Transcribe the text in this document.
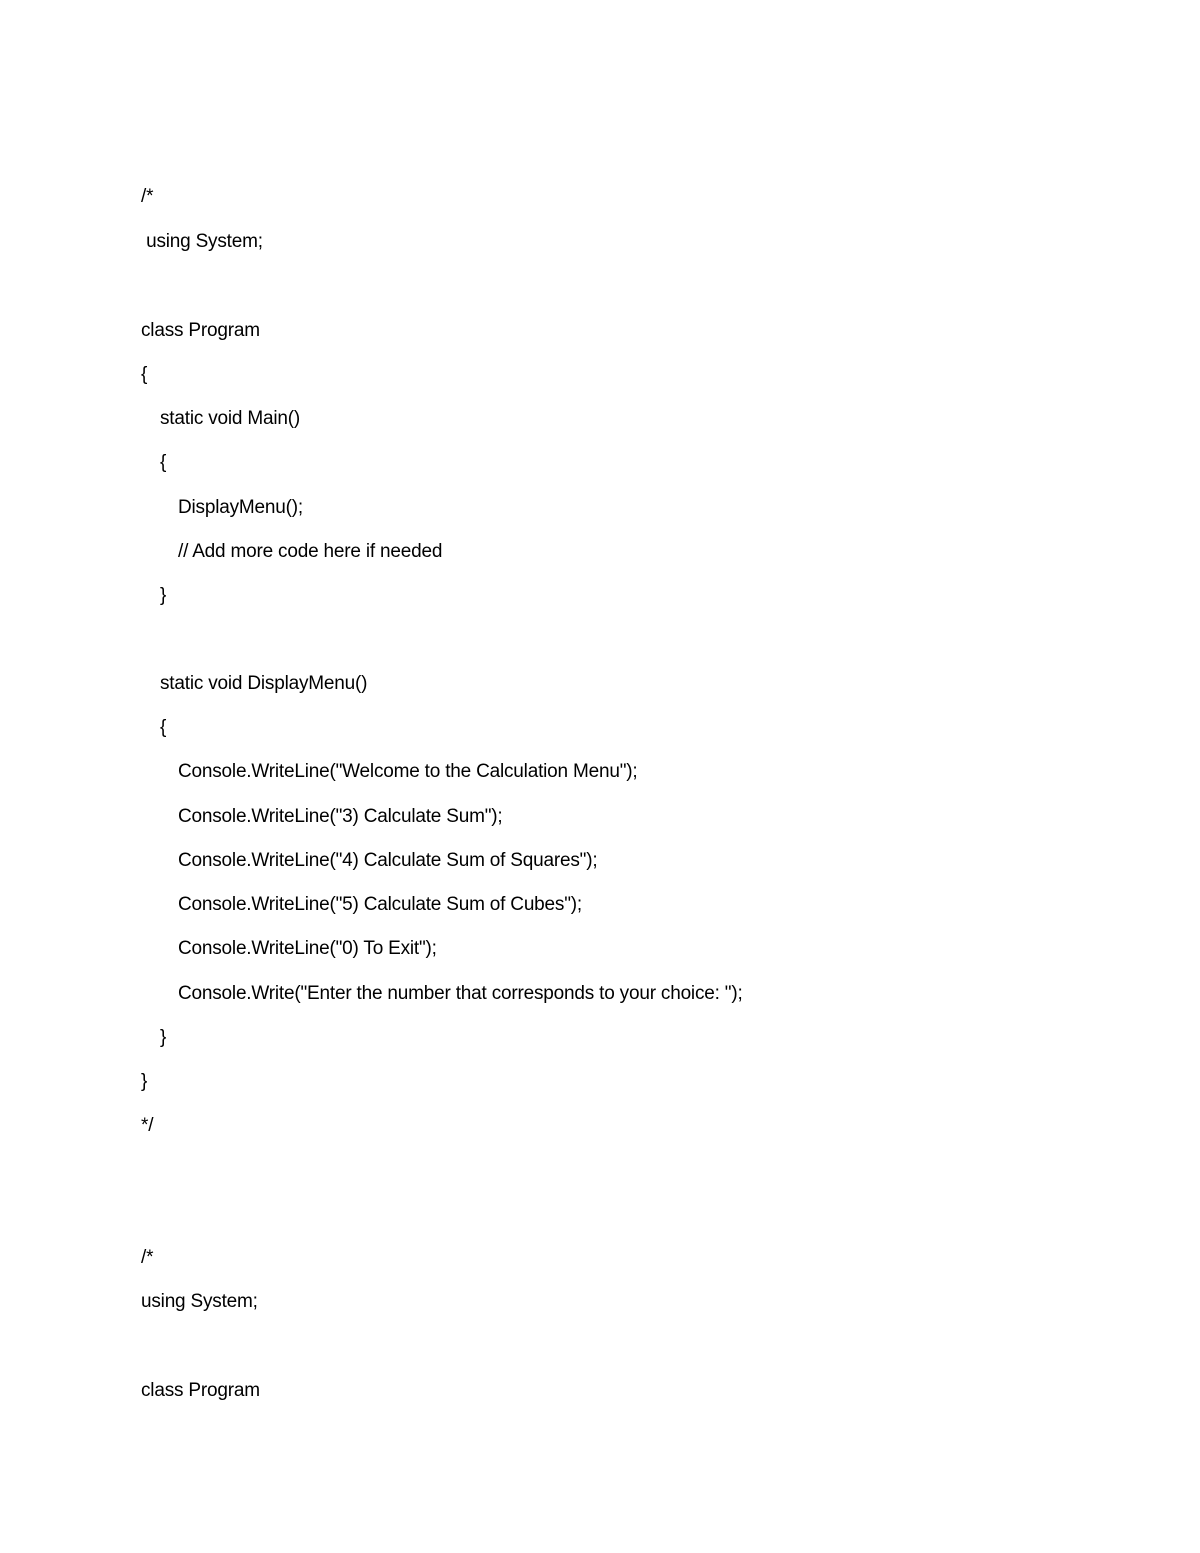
/*
using System;
class Program
{
static void Main()
{
DisplayMenu();
// Add more code here if needed
}
static void DisplayMenu()
{
Console.WriteLine("Welcome to the Calculation Menu");
Console.WriteLine("3) Calculate Sum");
Console.WriteLine("4) Calculate Sum of Squares");
Console.WriteLine("5) Calculate Sum of Cubes");
Console.WriteLine("0) To Exit");
Console.Write("Enter the number that corresponds to your choice: ");
}
}
*/
/*
using System;
class Program
